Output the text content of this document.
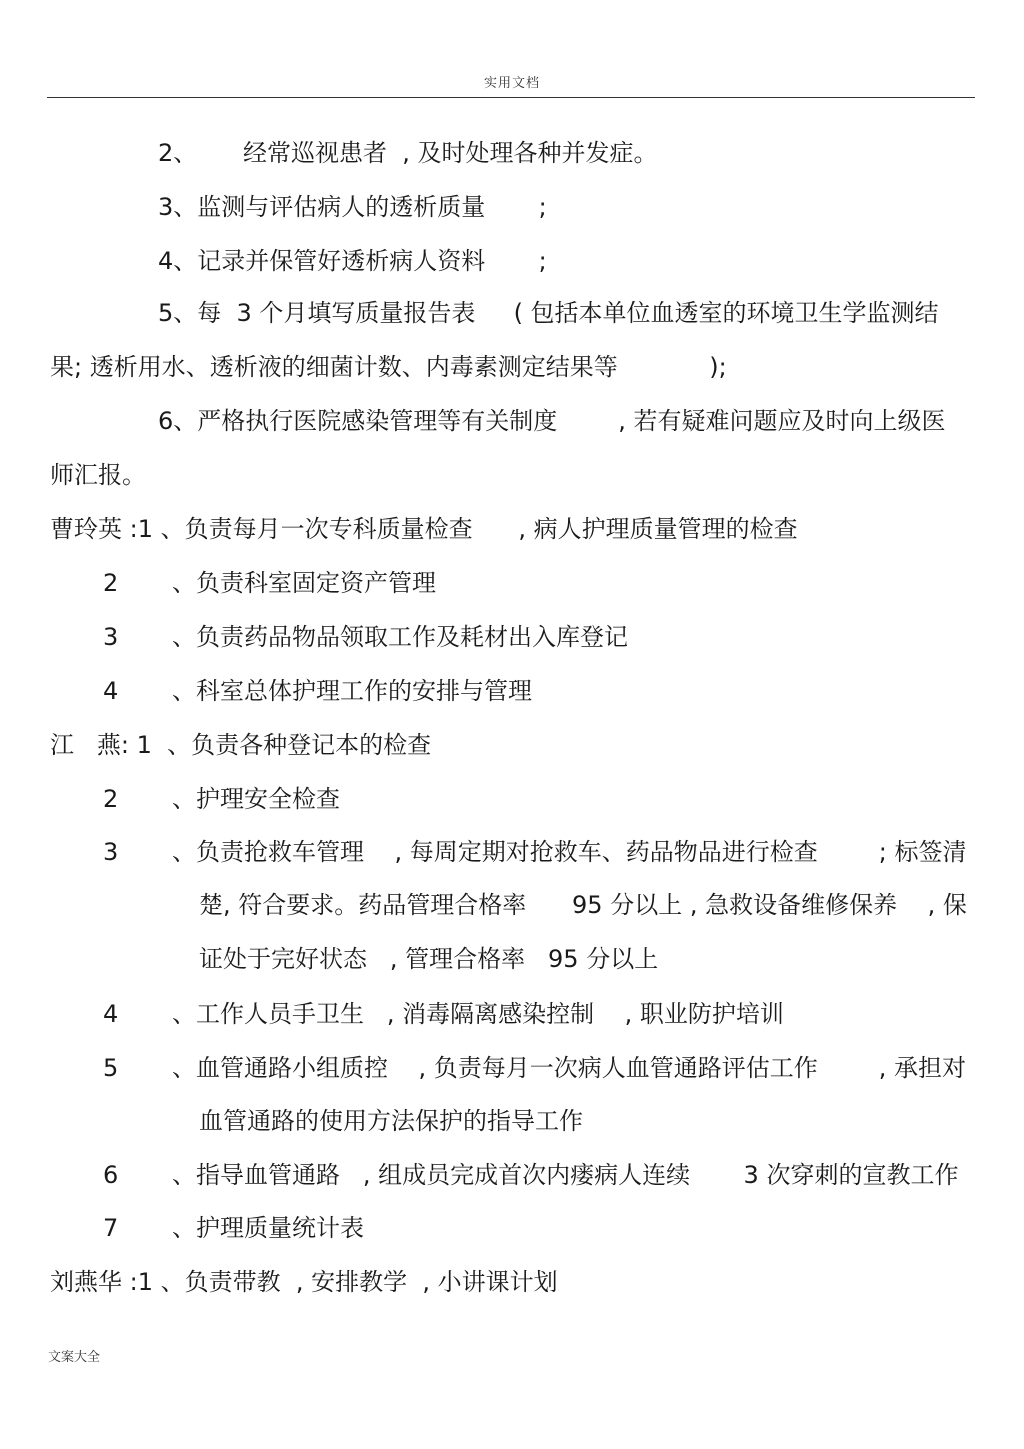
实用文档
2、      经常巡视患者  , 及时处理各种并发症。
3、监测与评估病人的透析质量       ;
4、记录并保管好透析病人资料       ;
5、每  3 个月填写质量报告表     ( 包括本单位血透室的环境卫生学监测结
果; 透析用水、透析液的细菌计数、内毒素测定结果等            );
6、严格执行医院感染管理等有关制度        , 若有疑难问题应及时向上级医
师汇报。
曹玲英 :1 、负责每月一次专科质量检查      , 病人护理质量管理的检查
2 、负责科室固定资产管理
3 、负责药品物品领取工作及耗材出入库登记
4 、科室总体护理工作的安排与管理
江   燕: 1  、负责各种登记本的检查
2 、护理安全检查
3 、负责抢救车管理    , 每周定期对抢救车、药品物品进行检查        ; 标签清
楚, 符合要求。药品管理合格率      95 分以上 , 急救设备维修保养    , 保
证处于完好状态   , 管理合格率   95 分以上
4 、工作人员手卫生   , 消毒隔离感染控制    , 职业防护培训
5 、血管通路小组质控    , 负责每月一次病人血管通路评估工作        , 承担对
血管通路的使用方法保护的指导工作
6 、指导血管通路   , 组成员完成首次内瘘病人连续       3 次穿刺的宣教工作
7 、护理质量统计表
刘燕华 :1 、负责带教  , 安排教学  , 小讲课计划
文案大全
